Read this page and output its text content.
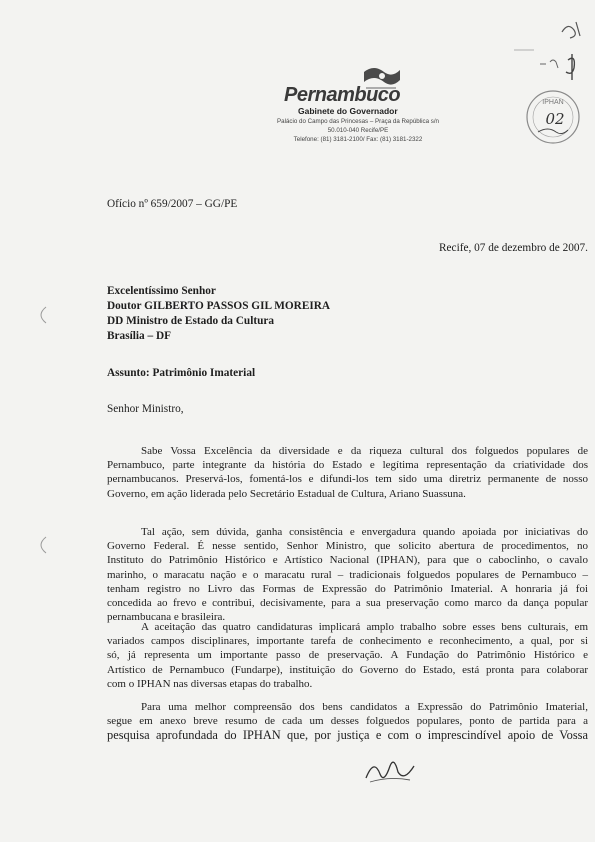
IPHAN
02
Pernambuco
Gabinete do Governador
Palácio do Campo das Princesas – Praça da República s/n
50.010-040 Recife/PE
Telefone: (81) 3181-2100/ Fax: (81) 3181-2322
Ofício nº 659/2007 – GG/PE
Recife, 07 de dezembro de 2007.
Excelentíssimo Senhor
Doutor GILBERTO PASSOS GIL MOREIRA
DD Ministro de Estado da Cultura
Brasília – DF
Assunto: Patrimônio Imaterial
Senhor Ministro,
Sabe Vossa Excelência da diversidade e da riqueza cultural dos folguedos populares de
Pernambuco, parte integrante da história do Estado e legítima representação da criatividade dos
pernambucanos. Preservá-los, fomentá-los e difundi-los tem sido uma diretriz permanente de nosso
Governo, em ação liderada pelo Secretário Estadual de Cultura, Ariano Suassuna.
Tal ação, sem dúvida, ganha consistência e envergadura quando apoiada por iniciativas do
Governo Federal. É nesse sentido, Senhor Ministro, que solicito abertura de procedimentos, no
Instituto do Patrimônio Histórico e Artístico Nacional (IPHAN), para que o caboclinho, o cavalo
marinho, o maracatu nação e o maracatu rural – tradicionais folguedos populares de Pernambuco –
tenham registro no Livro das Formas de Expressão do Patrimônio Imaterial. A honraria já foi
concedida ao frevo e contribui, decisivamente, para a sua preservação como marco da dança popular
pernambucana e brasileira.
A aceitação das quatro candidaturas implicará amplo trabalho sobre esses bens culturais, em
variados campos disciplinares, importante tarefa de conhecimento e reconhecimento, a qual, por si
só, já representa um importante passo de preservação. A Fundação do Patrimônio Histórico e
Artístico de Pernambuco (Fundarpe), instituição do Governo do Estado, está pronta para colaborar
com o IPHAN nas diversas etapas do trabalho.
Para uma melhor compreensão dos bens candidatos a Expressão do Patrimônio Imaterial,
segue em anexo breve resumo de cada um desses folguedos populares, ponto de partida para a
pesquisa aprofundada do IPHAN que, por justiça e com o imprescindível apoio de Vossa
